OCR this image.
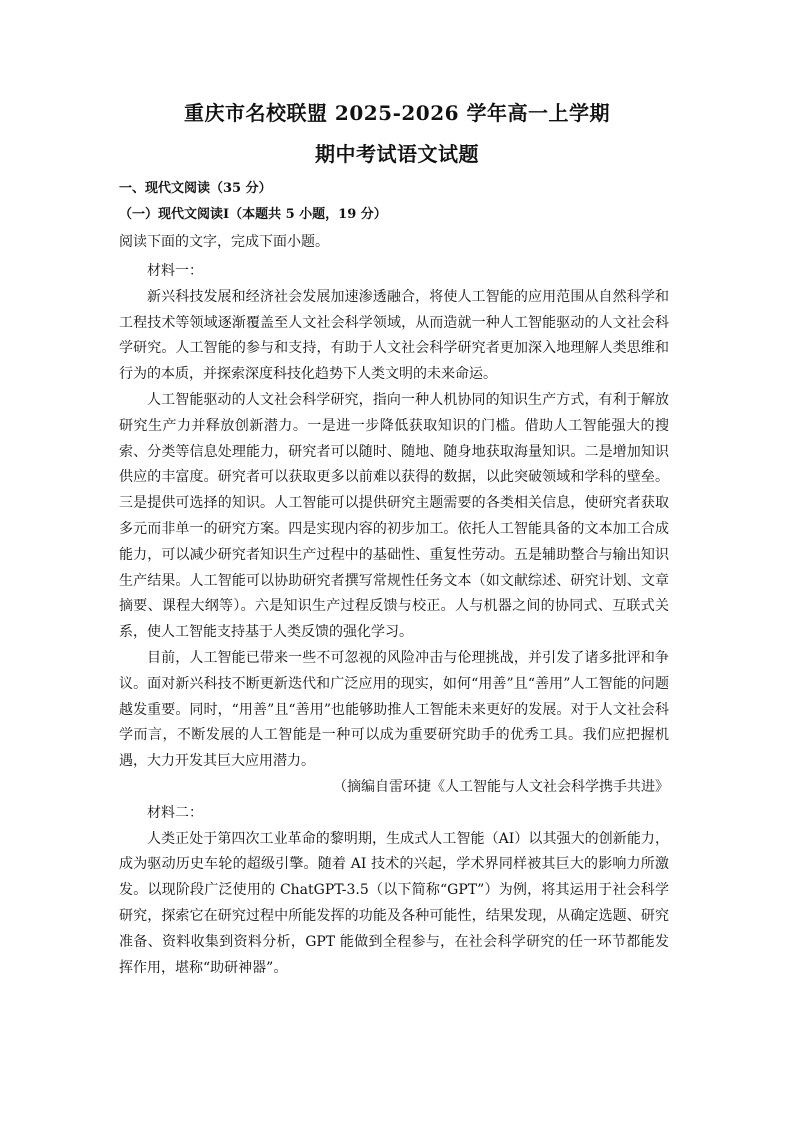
重庆市名校联盟 2025-2026 学年高一上学期
期中考试语文试题
一、现代文阅读（35 分）
（一）现代文阅读Ⅰ（本题共 5 小题，19 分）
阅读下面的文字，完成下面小题。

材料一：

新兴科技发展和经济社会发展加速渗透融合，将使人工智能的应用范围从自然科学和工程技术等领域逐渐覆盖至人文社会科学领域，从而造就一种人工智能驱动的人文社会科学研究。人工智能的参与和支持，有助于人文社会科学研究者更加深入地理解人类思维和行为的本质，并探索深度科技化趋势下人类文明的未来命运。

人工智能驱动的人文社会科学研究，指向一种人机协同的知识生产方式，有利于解放研究生产力并释放创新潜力。一是进一步降低获取知识的门槛。借助人工智能强大的搜索、分类等信息处理能力，研究者可以随时、随地、随身地获取海量知识。二是增加知识供应的丰富度。研究者可以获取更多以前难以获得的数据，以此突破领域和学科的壁垒。三是提供可选择的知识。人工智能可以提供研究主题需要的各类相关信息，使研究者获取多元而非单一的研究方案。四是实现内容的初步加工。依托人工智能具备的文本加工合成能力，可以减少研究者知识生产过程中的基础性、重复性劳动。五是辅助整合与输出知识生产结果。人工智能可以协助研究者撰写常规性任务文本（如文献综述、研究计划、文章摘要、课程大纲等）。六是知识生产过程反馈与校正。人与机器之间的协同式、互联式关系，使人工智能支持基于人类反馈的强化学习。

目前，人工智能已带来一些不可忽视的风险冲击与伦理挑战，并引发了诸多批评和争议。面对新兴科技不断更新迭代和广泛应用的现实，如何“用善”且“善用”人工智能的问题越发重要。同时，“用善”且“善用”也能够助推人工智能未来更好的发展。对于人文社会科学而言，不断发展的人工智能是一种可以成为重要研究助手的优秀工具。我们应把握机遇，大力开发其巨大应用潜力。

（摘编自雷环捷《人工智能与人文社会科学携手共进》

材料二：

人类正处于第四次工业革命的黎明期，生成式人工智能（AI）以其强大的创新能力，成为驱动历史车轮的超级引擎。随着 AI 技术的兴起，学术界同样被其巨大的影响力所激发。以现阶段广泛使用的 ChatGPT-3.5（以下简称“GPT”）为例，将其运用于社会科学研究，探索它在研究过程中所能发挥的功能及各种可能性，结果发现，从确定选题、研究准备、资料收集到资料分析，GPT 能做到全程参与，在社会科学研究的任一环节都能发挥作用，堪称“助研神器”。
